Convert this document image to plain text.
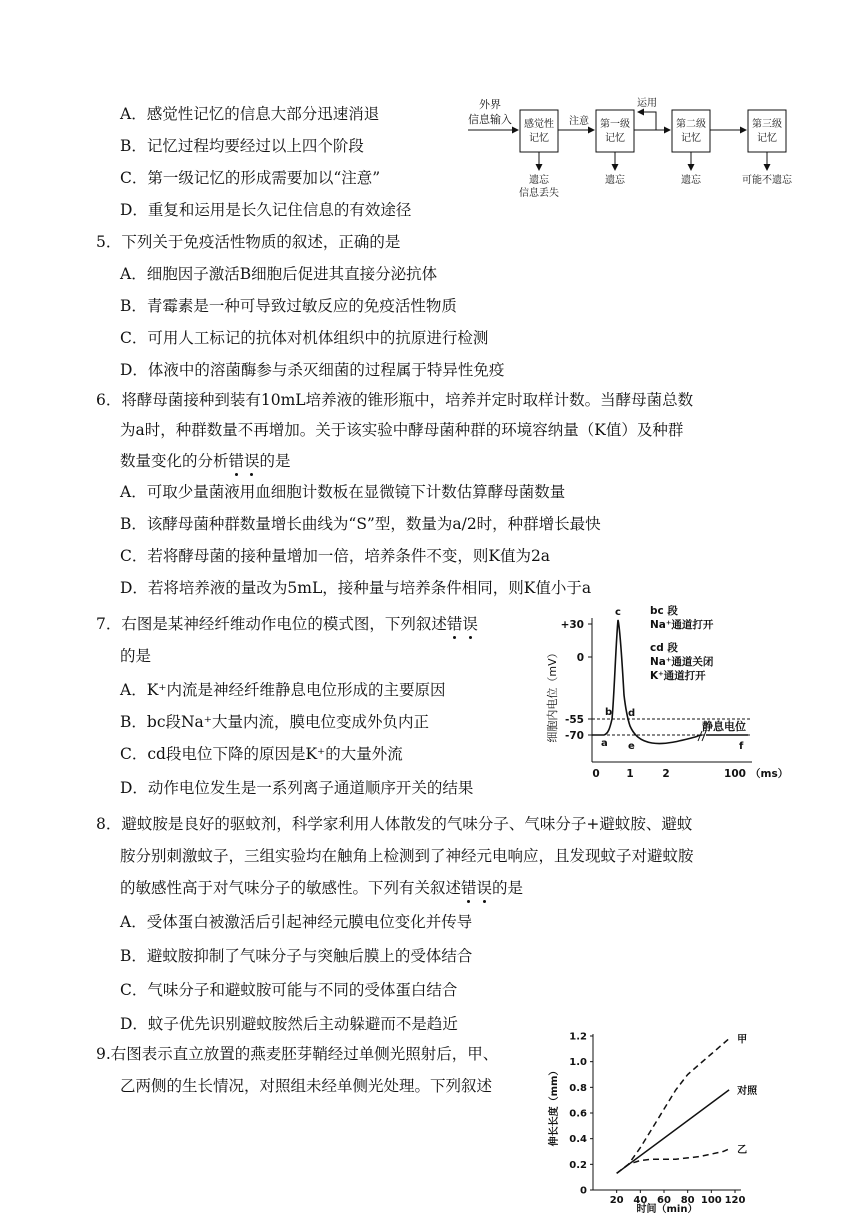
A．感觉性记忆的信息大部分迅速消退
B．记忆过程均要经过以上四个阶段
C．第一级记忆的形成需要加以“注意”
D．重复和运用是长久记住信息的有效途径
外界
信息输入 感觉性
记忆
注意 第一级
记忆
运用
第二级
记忆
第三级
记忆
遗忘
信息丢失
遗忘	遗忘	可能不遗忘
5．下列关于免疫活性物质的叙述，正确的是
A．细胞因子激活B细胞后促进其直接分泌抗体
B．青霉素是一种可导致过敏反应的免疫活性物质
C．可用人工标记的抗体对机体组织中的抗原进行检测
D．体液中的溶菌酶参与杀灭细菌的过程属于特异性免疫
6．将酵母菌接种到装有10mL培养液的锥形瓶中，培养并定时取样计数。当酵母菌总数
为a时，种群数量不再增加。关于该实验中酵母菌种群的环境容纳量（K值）及种群
数量变化的分析错误的是
A．可取少量菌液用血细胞计数板在显微镜下计数估算酵母菌数量
B．该酵母菌种群数量增长曲线为“S”型，数量为a/2时，种群增长最快
C．若将酵母菌的接种量增加一倍，培养条件不变，则K值为2a
D．若将培养液的量改为5mL，接种量与培养条件相同，则K值小于a
7．右图是某神经纤维动作电位的模式图，下列叙述错误
的是
A．K⁺内流是神经纤维静息电位形成的主要原因
B．bc段Na⁺大量内流，膜电位变成外负内正
C．cd段电位下降的原因是K⁺的大量外流
D．动作电位发生是一系列离子通道顺序开关的结果
细胞内电位（mV）
+30
0
-55
-70
a
b
c
d
e	f
bc 段
Na⁺通道打开
cd 段
Na⁺通道关闭
K⁺通道打开
静息电位
0	1	2	100 （ms）
8．避蚊胺是良好的驱蚊剂，科学家利用人体散发的气味分子、气味分子+避蚊胺、避蚊
胺分别刺激蚊子，三组实验均在触角上检测到了神经元电响应，且发现蚊子对避蚊胺
的敏感性高于对气味分子的敏感性。下列有关叙述错误的是
A．受体蛋白被激活后引起神经元膜电位变化并传导
B．避蚊胺抑制了气味分子与突触后膜上的受体结合
C．气味分子和避蚊胺可能与不同的受体蛋白结合
D．蚊子优先识别避蚊胺然后主动躲避而不是趋近
9.右图表示直立放置的燕麦胚芽鞘经过单侧光照射后，甲、
乙两侧的生长情况，对照组未经单侧光处理。下列叙述
0
0.2
0.4
0.6
0.8
1.0
1.2
20 40 60 80 100 120
甲
对照
乙
伸长长度（mm）
时间（min）
